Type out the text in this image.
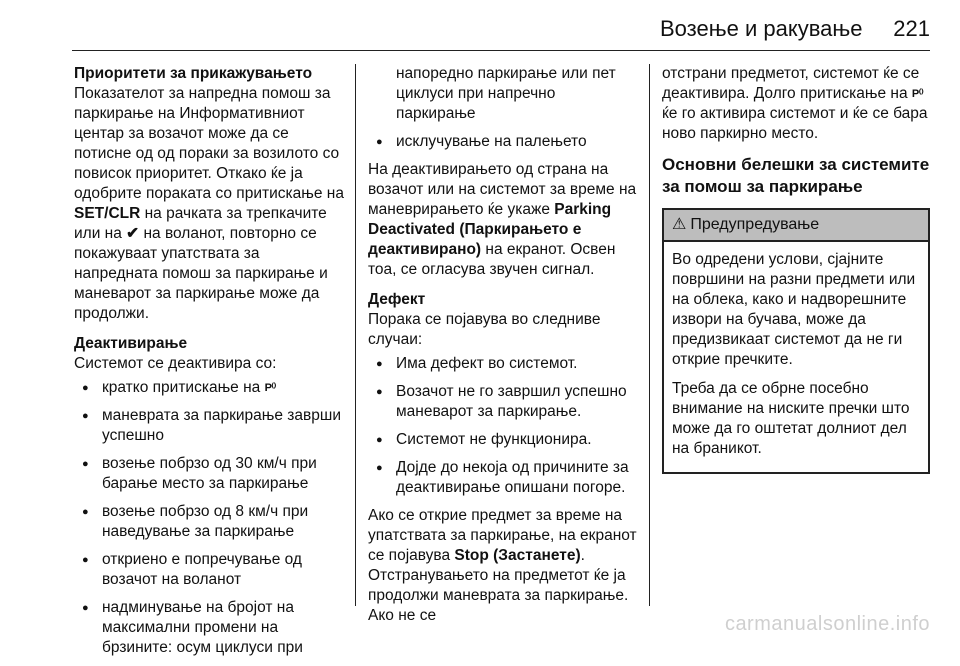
Возење и ракување 221

Приоритети за прикажувањето

Показателот за напредна помош за паркирање на Информативниот центар за возачот може да се потисне од од пораки за возилото со повисок приоритет. Откако ќе ја одобрите пораката со притискање на SET/CLR на рачката за трепкачите или на ✔ на воланот, повторно се покажуваат упатствата за напредната помош за паркирање и маневарот за паркирање може да продолжи.

Деактивирање

Системот се деактивира со:

● кратко притискање на P⁽⁾
● маневрата за паркирање заврши успешно
● возење побрзо од 30 км/ч при барање место за паркирање
● возење побрзо од 8 км/ч при наведување за паркирање
● откриено е попречување од возачот на воланот
● надминување на бројот на максимални промени на брзините: осум циклуси при

напоредно паркирање или пет циклуси при напречно паркирање

● исклучување на палењето

На деактивирањето од страна на возачот или на системот за време на маневрирањето ќе укаже Parking Deactivated (Паркирањето е деактивирано) на екранот. Освен тоа, се огласува звучен сигнал.

Дефект

Порака се појавува во следниве случаи:

● Има дефект во системот.
● Возачот не го завршил успешно маневарот за паркирање.
● Системот не функционира.
● Дојде до некоја од причините за деактивирање опишани погоре.

Ако се открие предмет за време на упатствата за паркирање, на екранот се појавува Stop (Застанете). Отстранувањето на предметот ќе ја продолжи маневрата за паркирање. Ако не се

отстрани предметот, системот ќе се деактивира. Долго притискање на P⁽⁾ ќе го активира системот и ќе се бара ново паркирно место.

Основни белешки за системите за помош за паркирање

⚠ Предупредување

Во одредени услови, сјајните површини на разни предмети или на облека, како и надворешните извори на бучава, може да предизвикаат системот да не ги открие пречките.

Треба да се обрне посебно внимание на ниските пречки што може да го оштетат долниот дел на браникот.

carmanualsonline.info
